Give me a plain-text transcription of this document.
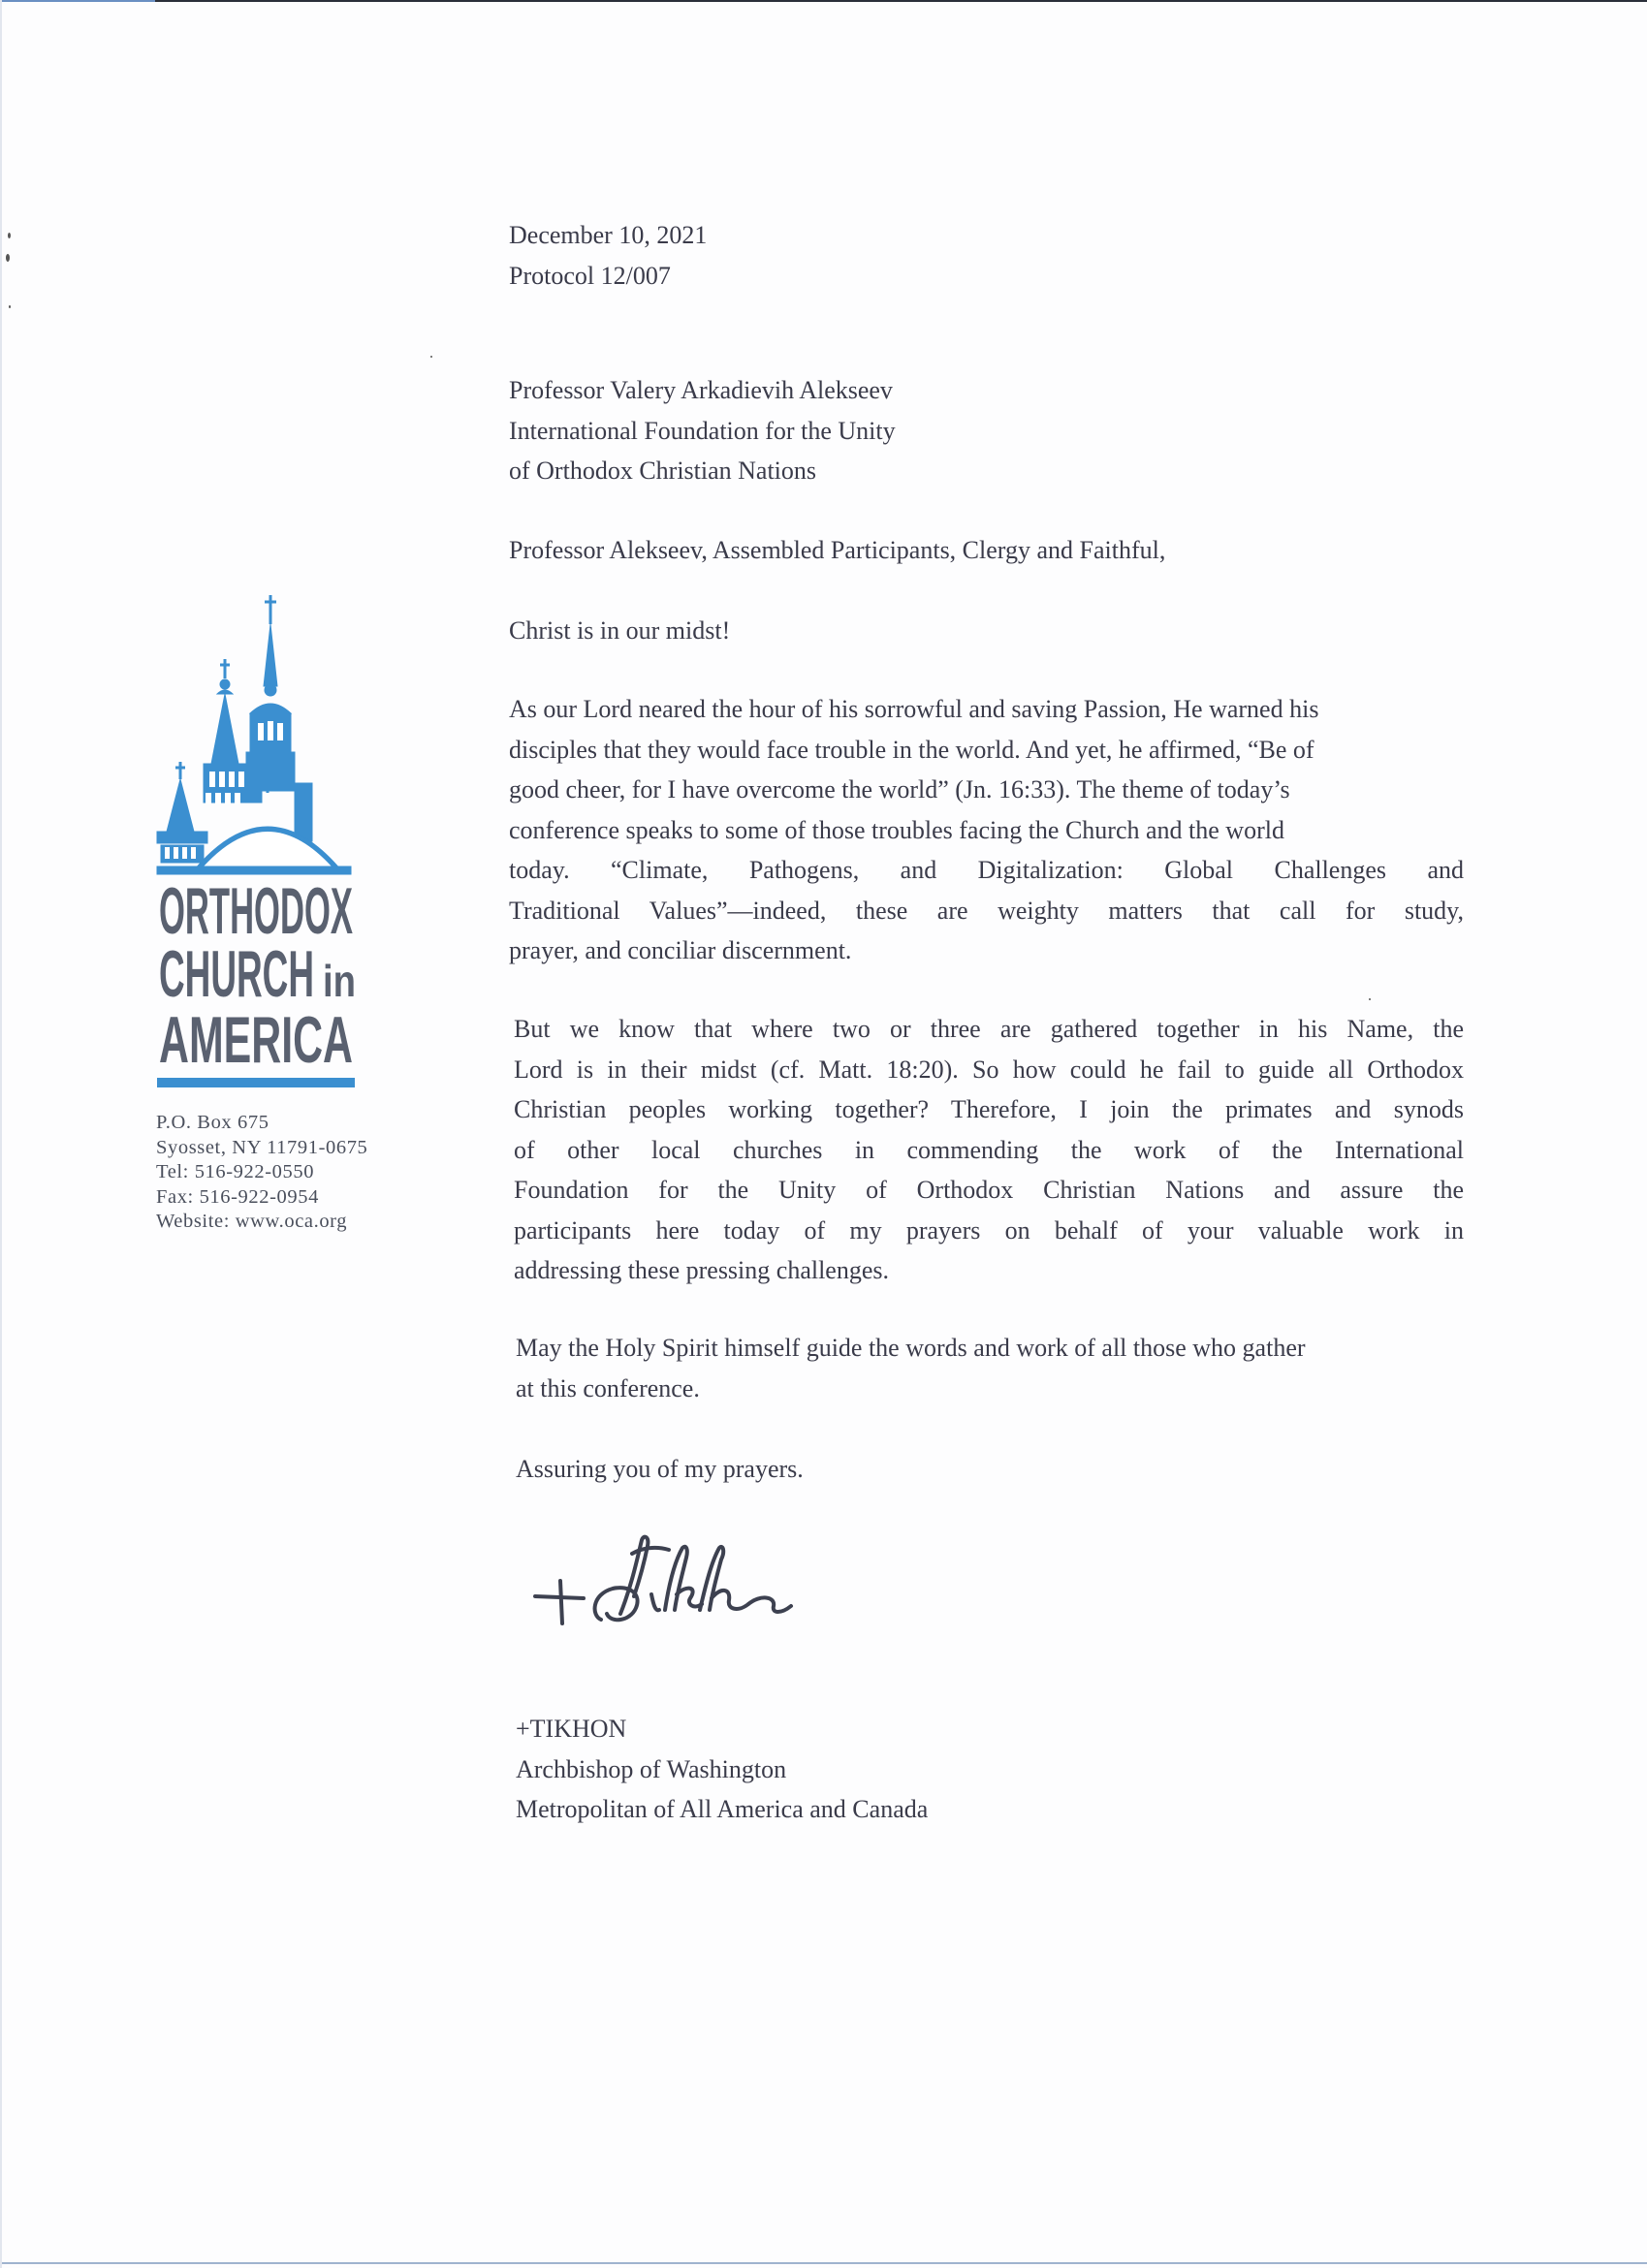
ORTHODOX
CHURCH in
AMERICA
P.O. Box 675
Syosset, NY 11791-0675
Tel: 516-922-0550
Fax: 516-922-0954
Website: www.oca.org
December 10, 2021
Protocol 12/007
Professor Valery Arkadievih Alekseev
International Foundation for the Unity
of Orthodox Christian Nations
Professor Alekseev, Assembled Participants, Clergy and Faithful,
Christ is in our midst!
As our Lord neared the hour of his sorrowful and saving Passion, He warned his
disciples that they would face trouble in the world. And yet, he affirmed, “Be of
good cheer, for I have overcome the world” (Jn. 16:33). The theme of today’s
conference speaks to some of those troubles facing the Church and the world
today. “Climate, Pathogens, and Digitalization: Global Challenges and
Traditional Values”—indeed, these are weighty matters that call for study,
prayer, and conciliar discernment.
But we know that where two or three are gathered together in his Name, the
Lord is in their midst (cf. Matt. 18:20). So how could he fail to guide all Orthodox
Christian peoples working together? Therefore, I join the primates and synods
of other local churches in commending the work of the International
Foundation for the Unity of Orthodox Christian Nations and assure the
participants here today of my prayers on behalf of your valuable work in
addressing these pressing challenges.
May the Holy Spirit himself guide the words and work of all those who gather
at this conference.
Assuring you of my prayers.
+TIKHON
Archbishop of Washington
Metropolitan of All America and Canada
